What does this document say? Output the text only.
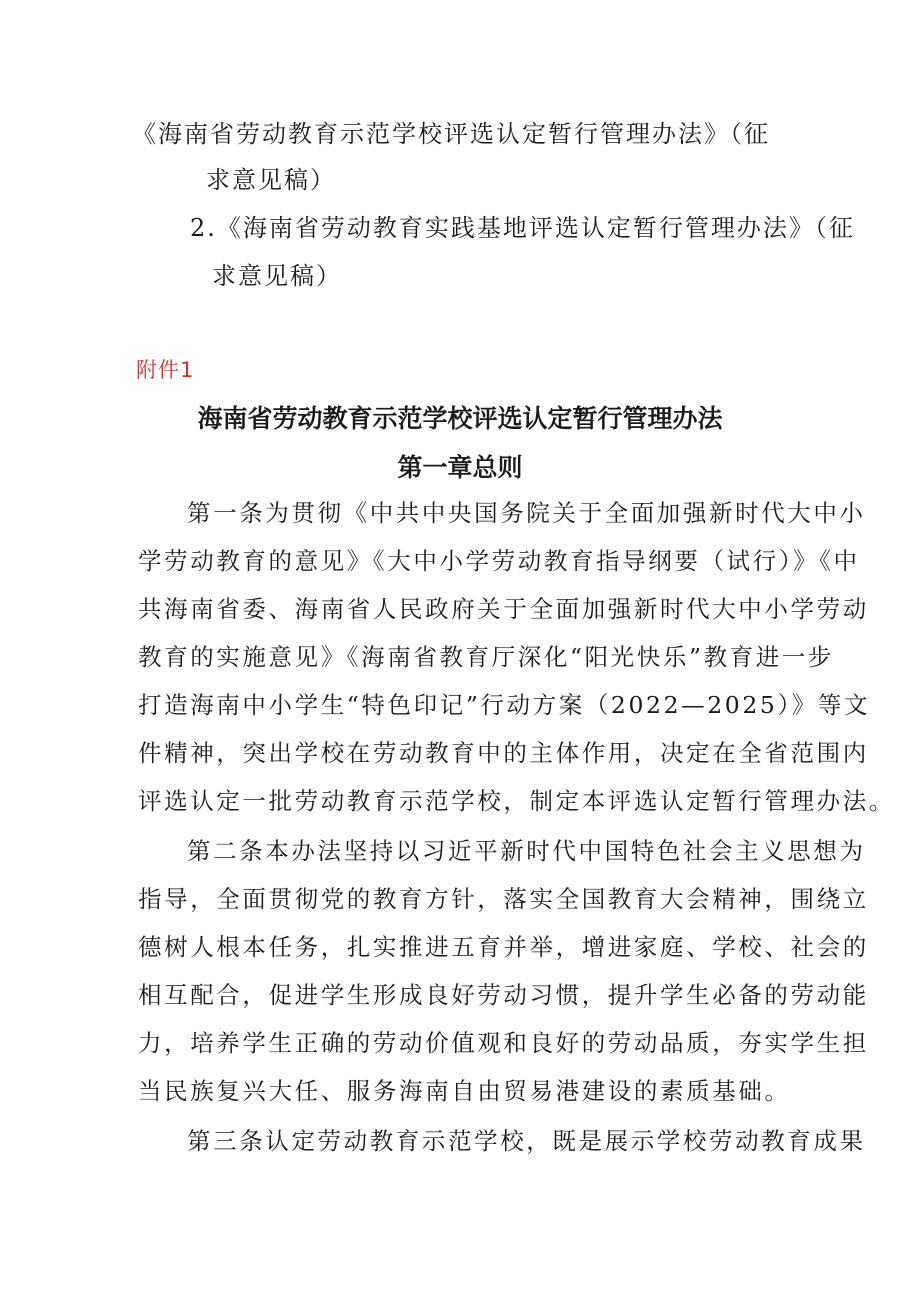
《海南省劳动教育示范学校评选认定暂行管理办法》（征
求意见稿）
2.《海南省劳动教育实践基地评选认定暂行管理办法》（征
求意见稿）
附件1
海南省劳动教育示范学校评选认定暂行管理办法
第一章总则
第一条为贯彻《中共中央国务院关于全面加强新时代大中小
学劳动教育的意见》《大中小学劳动教育指导纲要（试行）》《中
共海南省委、海南省人民政府关于全面加强新时代大中小学劳动
教育的实施意见》《海南省教育厅深化“阳光快乐”教育进一步
打造海南中小学生“特色印记”行动方案（2022—2025）》等文
件精神，突出学校在劳动教育中的主体作用，决定在全省范围内
评选认定一批劳动教育示范学校，制定本评选认定暂行管理办法。
第二条本办法坚持以习近平新时代中国特色社会主义思想为
指导，全面贯彻党的教育方针，落实全国教育大会精神，围绕立
德树人根本任务，扎实推进五育并举，增进家庭、学校、社会的
相互配合，促进学生形成良好劳动习惯，提升学生必备的劳动能
力，培养学生正确的劳动价值观和良好的劳动品质，夯实学生担
当民族复兴大任、服务海南自由贸易港建设的素质基础。
第三条认定劳动教育示范学校，既是展示学校劳动教育成果
